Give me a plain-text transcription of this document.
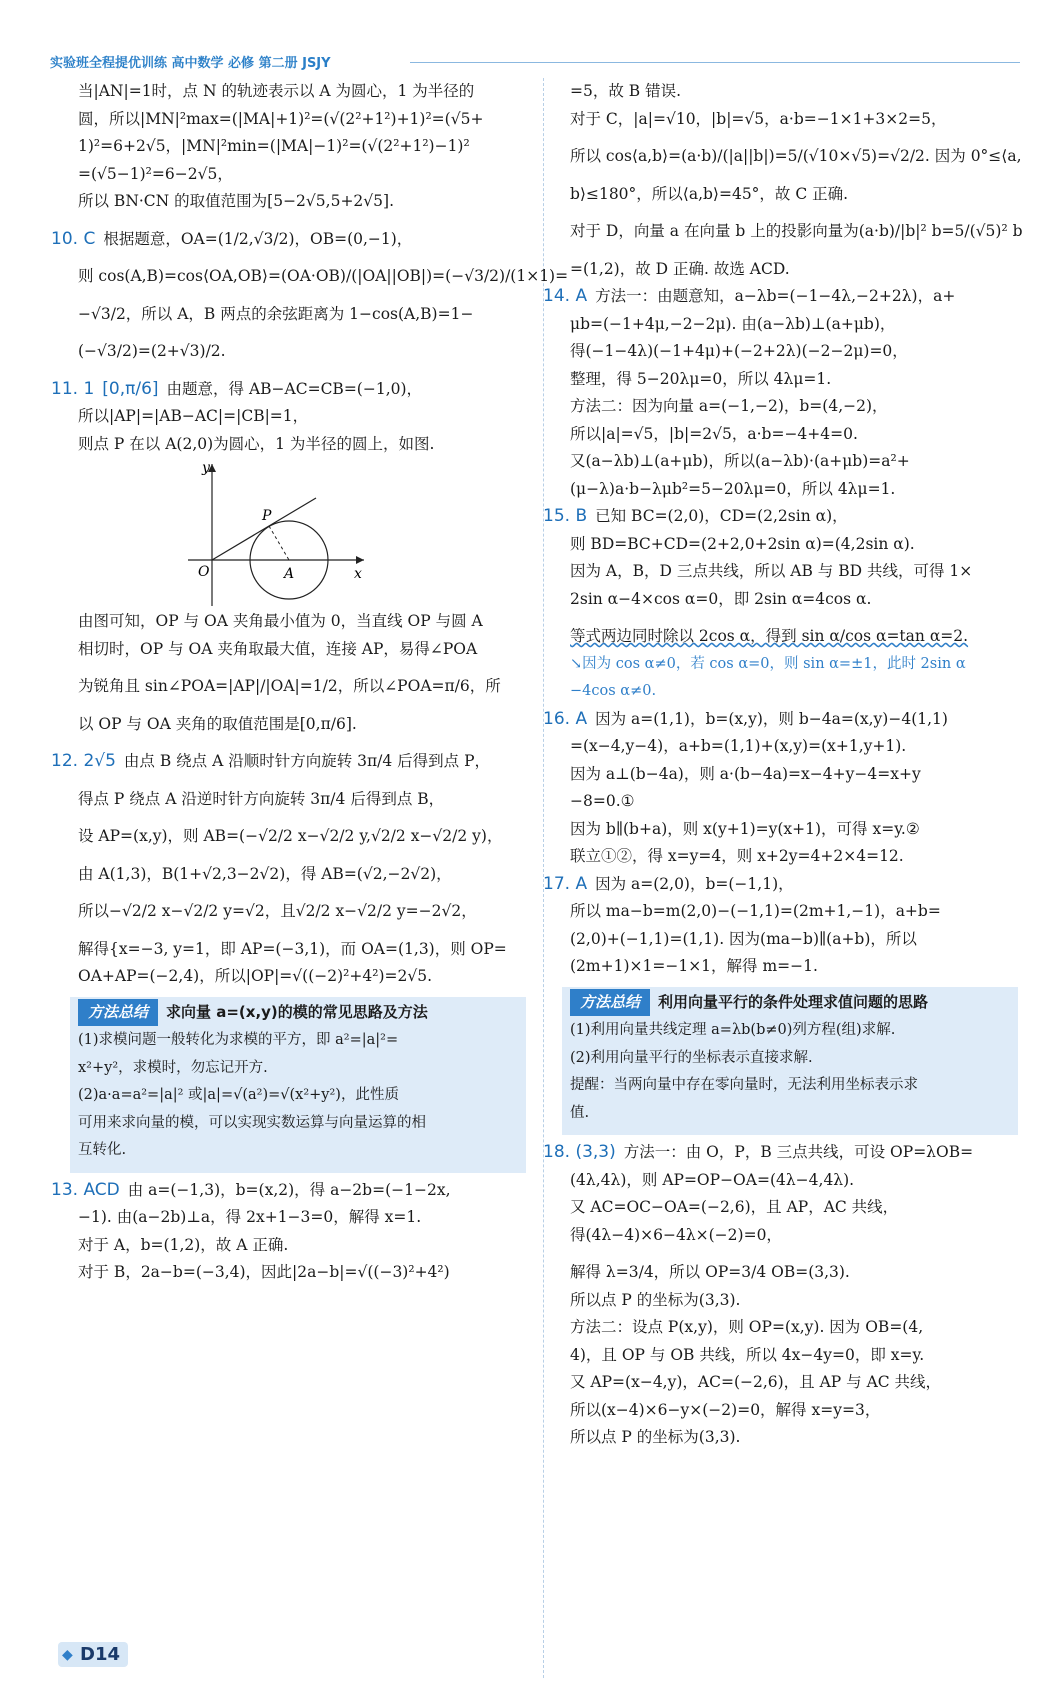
实验班全程提优训练 高中数学 必修 第二册 JSJY
当|AN|=1时，点 N 的轨迹表示以 A 为圆心，1 为半径的
圆，所以|MN|²max=(|MA|+1)²=(√(2²+1²)+1)²=(√5+
1)²=6+2√5，|MN|²min=(|MA|−1)²=(√(2²+1²)−1)²
=(√5−1)²=6−2√5，
所以 BN·CN 的取值范围为[5−2√5,5+2√5].
10. C 根据题意，OA=(1/2,√3/2)，OB=(0,−1)，
则 cos(A,B)=cos⟨OA,OB⟩=(OA·OB)/(|OA||OB|)=(−√3/2)/(1×1)=
−√3/2，所以 A，B 两点的余弦距离为 1−cos(A,B)=1−
(−√3/2)=(2+√3)/2.
11. 1 [0,π/6] 由题意，得 AB−AC=CB=(−1,0)，
所以|AP|=|AB−AC|=|CB|=1，
则点 P 在以 A(2,0)为圆心，1 为半径的圆上，如图.
y
P
O	A	x
由图可知，OP 与 OA 夹角最小值为 0，当直线 OP 与圆 A
相切时，OP 与 OA 夹角取最大值，连接 AP，易得∠POA
为锐角且 sin∠POA=|AP|/|OA|=1/2，所以∠POA=π/6，所
以 OP 与 OA 夹角的取值范围是[0,π/6].
12. 2√5 由点 B 绕点 A 沿顺时针方向旋转 3π/4 后得到点 P，
得点 P 绕点 A 沿逆时针方向旋转 3π/4 后得到点 B，
设 AP=(x,y)，则 AB=(−√2/2 x−√2/2 y,√2/2 x−√2/2 y)，
由 A(1,3)，B(1+√2,3−2√2)，得 AB=(√2,−2√2)，
所以−√2/2 x−√2/2 y=√2，且√2/2 x−√2/2 y=−2√2，
解得{x=−3, y=1，即 AP=(−3,1)，而 OA=(1,3)，则 OP=
OA+AP=(−2,4)，所以|OP|=√((−2)²+4²)=2√5.
方法总结 求向量 a=(x,y)的模的常见思路及方法
(1)求模问题一般转化为求模的平方，即 a²=|a|²=
x²+y²，求模时，勿忘记开方.
(2)a·a=a²=|a|² 或|a|=√(a²)=√(x²+y²)，此性质
可用来求向量的模，可以实现实数运算与向量运算的相
互转化.
13. ACD 由 a=(−1,3)，b=(x,2)，得 a−2b=(−1−2x,
−1). 由(a−2b)⊥a，得 2x+1−3=0，解得 x=1.
对于 A，b=(1,2)，故 A 正确.
对于 B，2a−b=(−3,4)，因此|2a−b|=√((−3)²+4²)
=5，故 B 错误.
对于 C，|a|=√10，|b|=√5，a·b=−1×1+3×2=5，
所以 cos⟨a,b⟩=(a·b)/(|a||b|)=5/(√10×√5)=√2/2. 因为 0°≤⟨a,
b⟩≤180°，所以⟨a,b⟩=45°，故 C 正确.
对于 D，向量 a 在向量 b 上的投影向量为(a·b)/|b|² b=5/(√5)² b
=(1,2)，故 D 正确. 故选 ACD.
14. A 方法一：由题意知，a−λb=(−1−4λ,−2+2λ)，a+
μb=(−1+4μ,−2−2μ). 由(a−λb)⊥(a+μb)，
得(−1−4λ)(−1+4μ)+(−2+2λ)(−2−2μ)=0，
整理，得 5−20λμ=0，所以 4λμ=1.
方法二：因为向量 a=(−1,−2)，b=(4,−2)，
所以|a|=√5，|b|=2√5，a·b=−4+4=0.
又(a−λb)⊥(a+μb)，所以(a−λb)·(a+μb)=a²+
(μ−λ)a·b−λμb²=5−20λμ=0，所以 4λμ=1.
15. B 已知 BC=(2,0)，CD=(2,2sin α)，
则 BD=BC+CD=(2+2,0+2sin α)=(4,2sin α).
因为 A，B，D 三点共线，所以 AB 与 BD 共线，可得 1×
2sin α−4×cos α=0，即 2sin α=4cos α.
等式两边同时除以 2cos α，得到 sin α/cos α=tan α=2.
↘因为 cos α≠0，若 cos α=0，则 sin α=±1，此时 2sin α
−4cos α≠0.
16. A 因为 a=(1,1)，b=(x,y)，则 b−4a=(x,y)−4(1,1)
=(x−4,y−4)，a+b=(1,1)+(x,y)=(x+1,y+1).
因为 a⊥(b−4a)，则 a·(b−4a)=x−4+y−4=x+y
−8=0.①
因为 b∥(b+a)，则 x(y+1)=y(x+1)，可得 x=y.②
联立①②，得 x=y=4，则 x+2y=4+2×4=12.
17. A 因为 a=(2,0)，b=(−1,1)，
所以 ma−b=m(2,0)−(−1,1)=(2m+1,−1)，a+b=
(2,0)+(−1,1)=(1,1). 因为(ma−b)∥(a+b)，所以
(2m+1)×1=−1×1，解得 m=−1.
方法总结 利用向量平行的条件处理求值问题的思路
(1)利用向量共线定理 a=λb(b≠0)列方程(组)求解.
(2)利用向量平行的坐标表示直接求解.
提醒：当两向量中存在零向量时，无法利用坐标表示求
值.
18. (3,3) 方法一：由 O，P，B 三点共线，可设 OP=λOB=
(4λ,4λ)，则 AP=OP−OA=(4λ−4,4λ).
又 AC=OC−OA=(−2,6)，且 AP，AC 共线，
得(4λ−4)×6−4λ×(−2)=0，
解得 λ=3/4，所以 OP=3/4 OB=(3,3).
所以点 P 的坐标为(3,3).
方法二：设点 P(x,y)，则 OP=(x,y). 因为 OB=(4,
4)，且 OP 与 OB 共线，所以 4x−4y=0，即 x=y.
又 AP=(x−4,y)，AC=(−2,6)，且 AP 与 AC 共线，
所以(x−4)×6−y×(−2)=0，解得 x=y=3，
所以点 P 的坐标为(3,3).
◆ D14
